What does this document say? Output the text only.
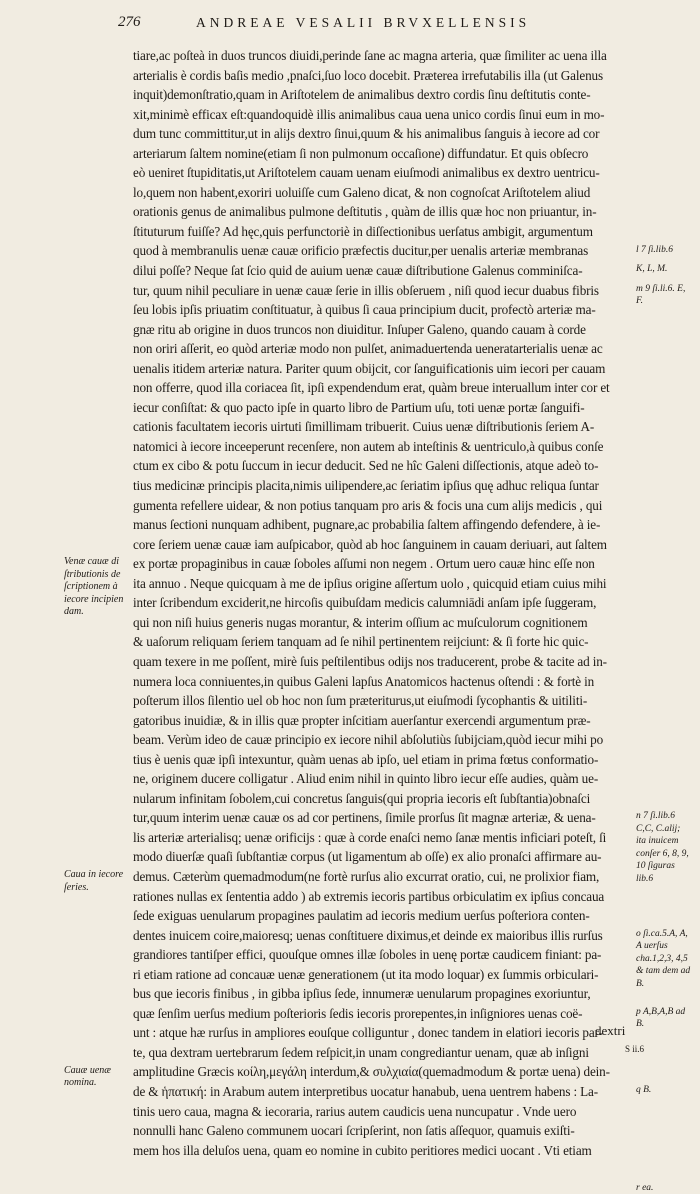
276	ANDREAE VESALII BRVXELLENSIS
tiare,ac poſteà in duos truncos diuidi,perinde ſane ac magna arteria, quæ ſimiliter ac uena illa
arterialis è cordis baſis medio ,pnaſci,ſuo loco docebit. Præterea irrefutabilis illa (ut Galenus
inquit)demonſtratio,quam in Ariſtotelem de animalibus dextro cordis ſinu deſtitutis conte-
xit,minimè efficax eſt:quandoquidè illis animalibus caua uena unico cordis ſinui eum in mo-
dum tunc committitur,ut in alijs dextro ſinui,quum & his animalibus ſanguis à iecore ad cor
arteriarum ſaltem nomine(etiam ſi non pulmonum occaſione) diffundatur. Et quis obſecro
eò ueniret ſtupiditatis,ut Ariſtotelem cauam uenam eiuſmodi animalibus ex dextro uentricu-
lo,quem non habent,exoriri uoluiſſe cum Galeno dicat, & non cognoſcat Ariſtotelem aliud
orationis genus de animalibus pulmone deſtitutis , quàm de illis quæ hoc non priuantur, in-
ſtituturum fuiſſe? Ad hęc,quis perfunctoriè in diſſectionibus uerſatus ambigit, argumentum
quod à membranulis uenæ cauæ orificio præfectis ducitur,per uenalis arteriæ membranas
dilui poſſe? Neque ſat ſcio quid de auium uenæ cauæ diſtributione Galenus comminiſca-
tur, quum nihil peculiare in uenæ cauæ ſerie in illis obſeruem , niſi quod iecur duabus fibris
ſeu lobis ipſis priuatim conſtituatur, à quibus ſi caua principium ducit, profectò arteriæ ma-
gnæ ritu ab origine in duos truncos non diuiditur. Inſuper Galeno, quando cauam à corde
non oriri aſſerit, eo quòd arteriæ modo non pulſet, animaduertenda ueneratarterialis uenæ ac
uenalis itidem arteriæ natura. Pariter quum obijcit, cor ſanguificationis uim iecori per cauam
non offerre, quod illa coriacea ſit, ipſi expendendum erat, quàm breue interuallum inter cor et
iecur conſiſtat: & quo pacto ipſe in quarto libro de Partium uſu, toti uenæ portæ ſanguifi-
cationis facultatem iecoris uirtuti ſimillimam tribuerit. Cuius uenæ diſtributionis ſeriem A-
natomici à iecore inceeperunt recenſere, non autem ab inteſtinis & uentriculo,à quibus conſe
ctum ex cibo & potu ſuccum in iecur deducit. Sed ne hîc Galeni diſſectionis, atque adeò to-
tius medicinæ principis placita,nimis uilipendere,ac ſeriatim ipſius quę adhuc reliqua ſuntar
gumenta refellere uidear, & non potius tanquam pro aris & focis una cum alijs medicis , qui
manus ſectioni nunquam adhibent, pugnare,ac probabilia ſaltem affingendo defendere, à ie-
core ſeriem uenæ cauæ iam auſpicabor, quòd ab hoc ſanguinem in cauam deriuari, aut ſaltem
ex portæ propaginibus in cauæ ſoboles aſſumi non negem . Ortum uero cauæ hinc eſſe non
ita annuo . Neque quicquam à me de ipſius origine aſſertum uolo , quicquid etiam cuius mihi
inter ſcribendum exciderit,ne hircoſis quibuſdam medicis calumniādi anſam ipſe ſuggeram,
qui non niſi huius generis nugas morantur, & interim oſſium ac muſculorum cognitionem
& uaſorum reliquam ſeriem tanquam ad ſe nihil pertinentem reijciunt: & ſi forte hic quic-
quam texere in me poſſent, mirè ſuis peſtilentibus odijs nos traducerent, probe & tacite ad in-
numera loca conniuentes,in quibus Galeni lapſus Anatomicos hactenus oſtendi : & fortè in
poſterum illos ſilentio uel ob hoc non ſum præteriturus,ut eiuſmodi ſycophantis & uitiliti-
gatoribus inuidiæ, & in illis quæ propter inſcitiam auerſantur exercendi argumentum præ-
beam. Verùm ideo de cauæ principio ex iecore nihil abſolutiùs ſubijciam,quòd iecur mihi po
tius è uenis quæ ipſi intexuntur, quàm uenas ab ipſo, uel etiam in prima fœtus conformatio-
ne, originem ducere colligatur . Aliud enim nihil in quinto libro iecur eſſe audies, quàm ue-
nularum infinitam ſobolem,cui concretus ſanguis(qui propria iecoris eſt ſubſtantia)obnaſci
tur,quum interim uenæ cauæ os ad cor pertinens, ſimile prorſus ſit magnæ arteriæ, & uena-
lis arteriæ arterialisq; uenæ orificijs : quæ à corde enaſci nemo ſanæ mentis inficiari poteſt, ſi
modo diuerſæ quaſi ſubſtantiæ corpus (ut ligamentum ab oſſe) ex alio pronaſci affirmare au-
demus. Cæterùm quemadmodum(ne fortè rurſus alio excurrat oratio, cui, ne prolixior fiam,
rationes nullas ex ſententia addo ) ab extremis iecoris partibus orbiculatim ex ipſius concaua
ſede exiguas uenularum propagines paulatim ad iecoris medium uerſus poſteriora conten-
dentes inuicem coire,maioresq; uenas conſtituere diximus,et deinde ex maioribus illis rurſus
grandiores tantiſper effici, quouſque omnes illæ ſoboles in uenę portæ caudicem finiant: pa-
ri etiam ratione ad concauæ uenæ generationem (ut ita modo loquar) ex ſummis orbiculari-
bus que iecoris finibus , in gibba ipſius ſede, innumeræ uenularum propagines exoriuntur,
quæ ſenſim uerſus medium poſterioris ſedis iecoris prorepentes,in inſigniores uenas coë-
unt : atque hæ rurſus in ampliores eouſque colliguntur , donec tandem in elatiori iecoris par-
te, qua dextram uertebrarum ſedem reſpicit,in unam congrediantur uenam, quæ ab inſigni
amplitudine Græcis κοίλη,μεγάλη interdum,& συλχιαία(quemadmodum & portæ uena) dein-
de & ἡπατική: in Arabum autem interpretibus uocatur hanabub, uena uentrem habens : La-
tinis uero caua, magna & iecoraria, rarius autem caudicis uena nuncupatur . Vnde uero
nonnulli hanc Galeno communem uocari ſcripſerint, non ſatis aſſequor, quamuis exiſti-
mem hos illa deluſos uena, quam eo nomine in cubito peritiores medici uocant . Vti etiam
Venæ cauæ di ſtributionis de ſcriptionem à iecore incipien dam.
Caua in iecore ſeries.
Cauæ uenæ nomina.
l 7 ſi.lib.6
K, L, M.
m 9 ſi.li.6. E, F.
n 7 ſi.lib.6 C,C, C.alij; ita inuicem conſer 6, 8, 9, 10 ſiguras lib.6
o ſi.ca.5.A, A, A uerſus cha.1,2,3, 4,5 & tam dem ad B.
p A,B,A,B ad B.
q B.
r ea.
dextri
S ii.6
